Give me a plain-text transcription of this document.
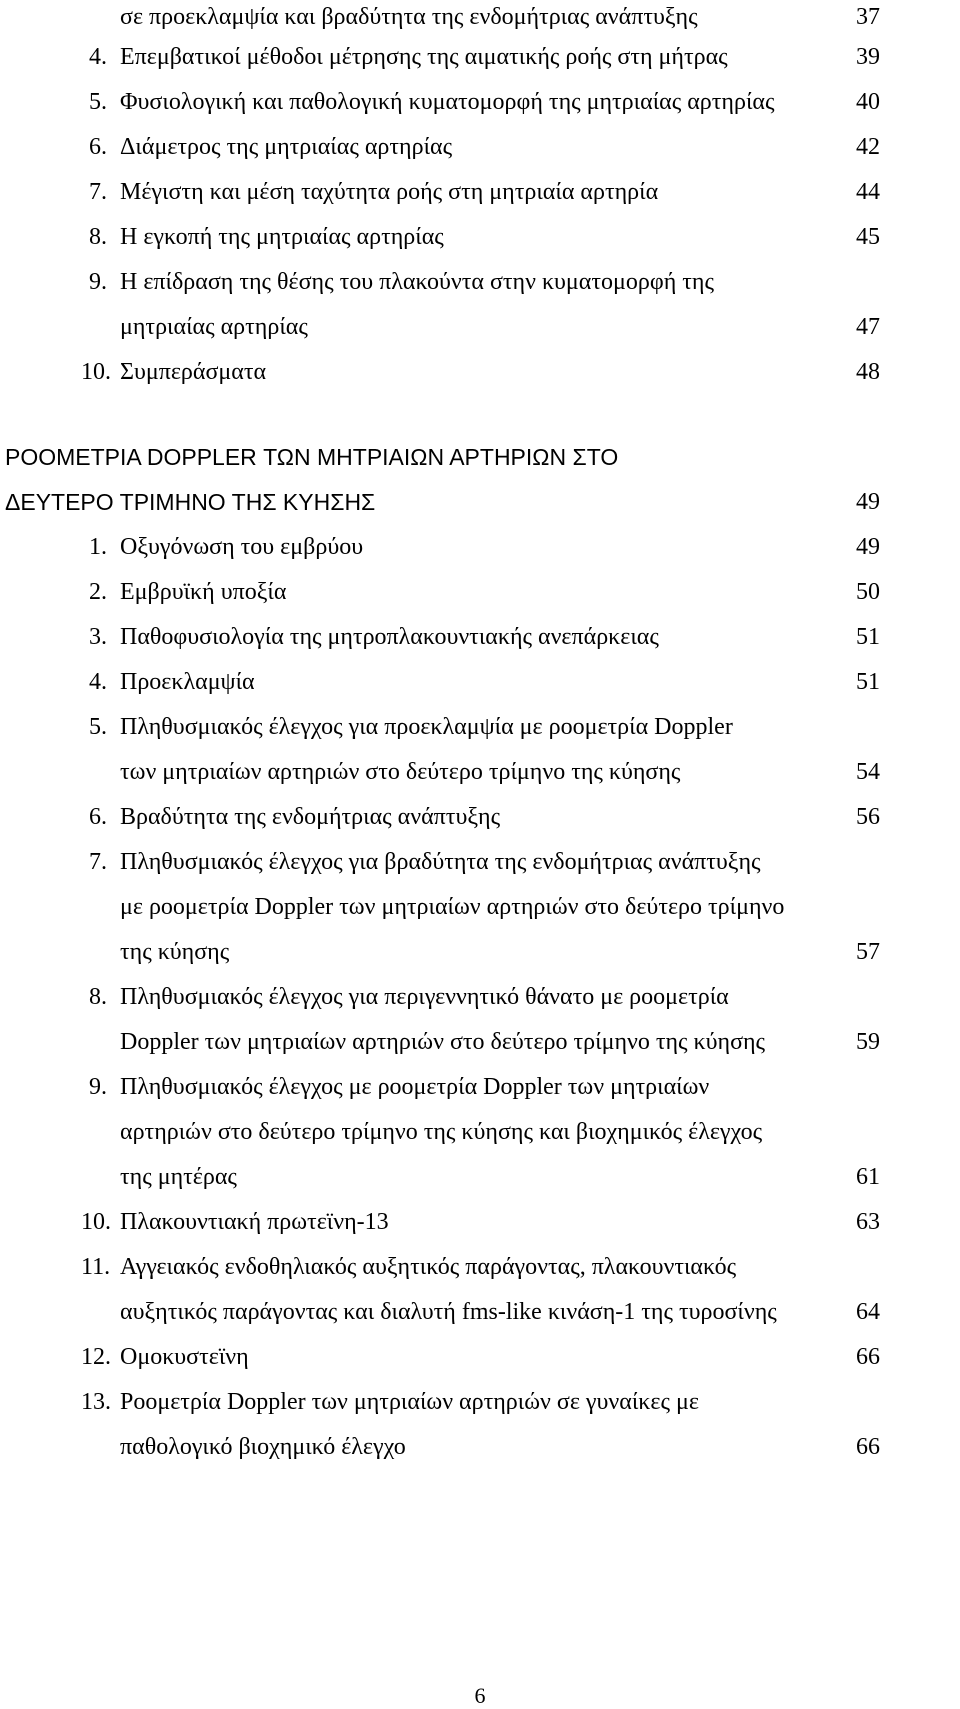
σε προεκλαμψία και βραδύτητα της ενδομήτριας ανάπτυξης	37
4. Επεμβατικοί μέθοδοι μέτρησης της αιματικής ροής στη μήτρας	39
5. Φυσιολογική και παθολογική κυματομορφή της μητριαίας αρτηρίας	40
6. Διάμετρος της μητριαίας αρτηρίας	42
7. Μέγιστη και μέση ταχύτητα ροής στη μητριαία αρτηρία	44
8. Η εγκοπή της μητριαίας αρτηρίας	45
9. Η επίδραση της θέσης του πλακούντα στην κυματομορφή της
μητριαίας αρτηρίας	47
10. Συμπεράσματα	48
ΡΟΟΜΕΤΡΙΑ DOPPLER ΤΩΝ ΜΗΤΡΙΑΙΩΝ ΑΡΤΗΡΙΩΝ ΣΤΟ
ΔΕΥΤΕΡΟ ΤΡΙΜΗΝΟ ΤΗΣ ΚΥΗΣΗΣ	49
1. Οξυγόνωση του εμβρύου	49
2. Εμβρυϊκή υποξία	50
3. Παθοφυσιολογία της μητροπλακουντιακής ανεπάρκειας	51
4. Προεκλαμψία	51
5. Πληθυσμιακός έλεγχος για προεκλαμψία με ροομετρία Doppler
των μητριαίων αρτηριών στο δεύτερο τρίμηνο της κύησης	54
6. Βραδύτητα της ενδομήτριας ανάπτυξης	56
7. Πληθυσμιακός έλεγχος για βραδύτητα της ενδομήτριας ανάπτυξης
με ροομετρία Doppler των μητριαίων αρτηριών στο δεύτερο τρίμηνο
της κύησης	57
8. Πληθυσμιακός έλεγχος για περιγεννητικό θάνατο με ροομετρία
Doppler των μητριαίων αρτηριών στο δεύτερο τρίμηνο της κύησης	59
9. Πληθυσμιακός έλεγχος με ροομετρία Doppler των μητριαίων
αρτηριών στο δεύτερο τρίμηνο της κύησης και βιοχημικός έλεγχος
της μητέρας	61
10. Πλακουντιακή πρωτεϊνη-13	63
11. Αγγειακός ενδοθηλιακός αυξητικός παράγοντας, πλακουντιακός
αυξητικός παράγοντας και διαλυτή fms-like κινάση-1 της τυροσίνης	64
12. Ομοκυστεϊνη	66
13. Ροομετρία Doppler των μητριαίων αρτηριών σε γυναίκες με
παθολογικό βιοχημικό έλεγχο	66
6
